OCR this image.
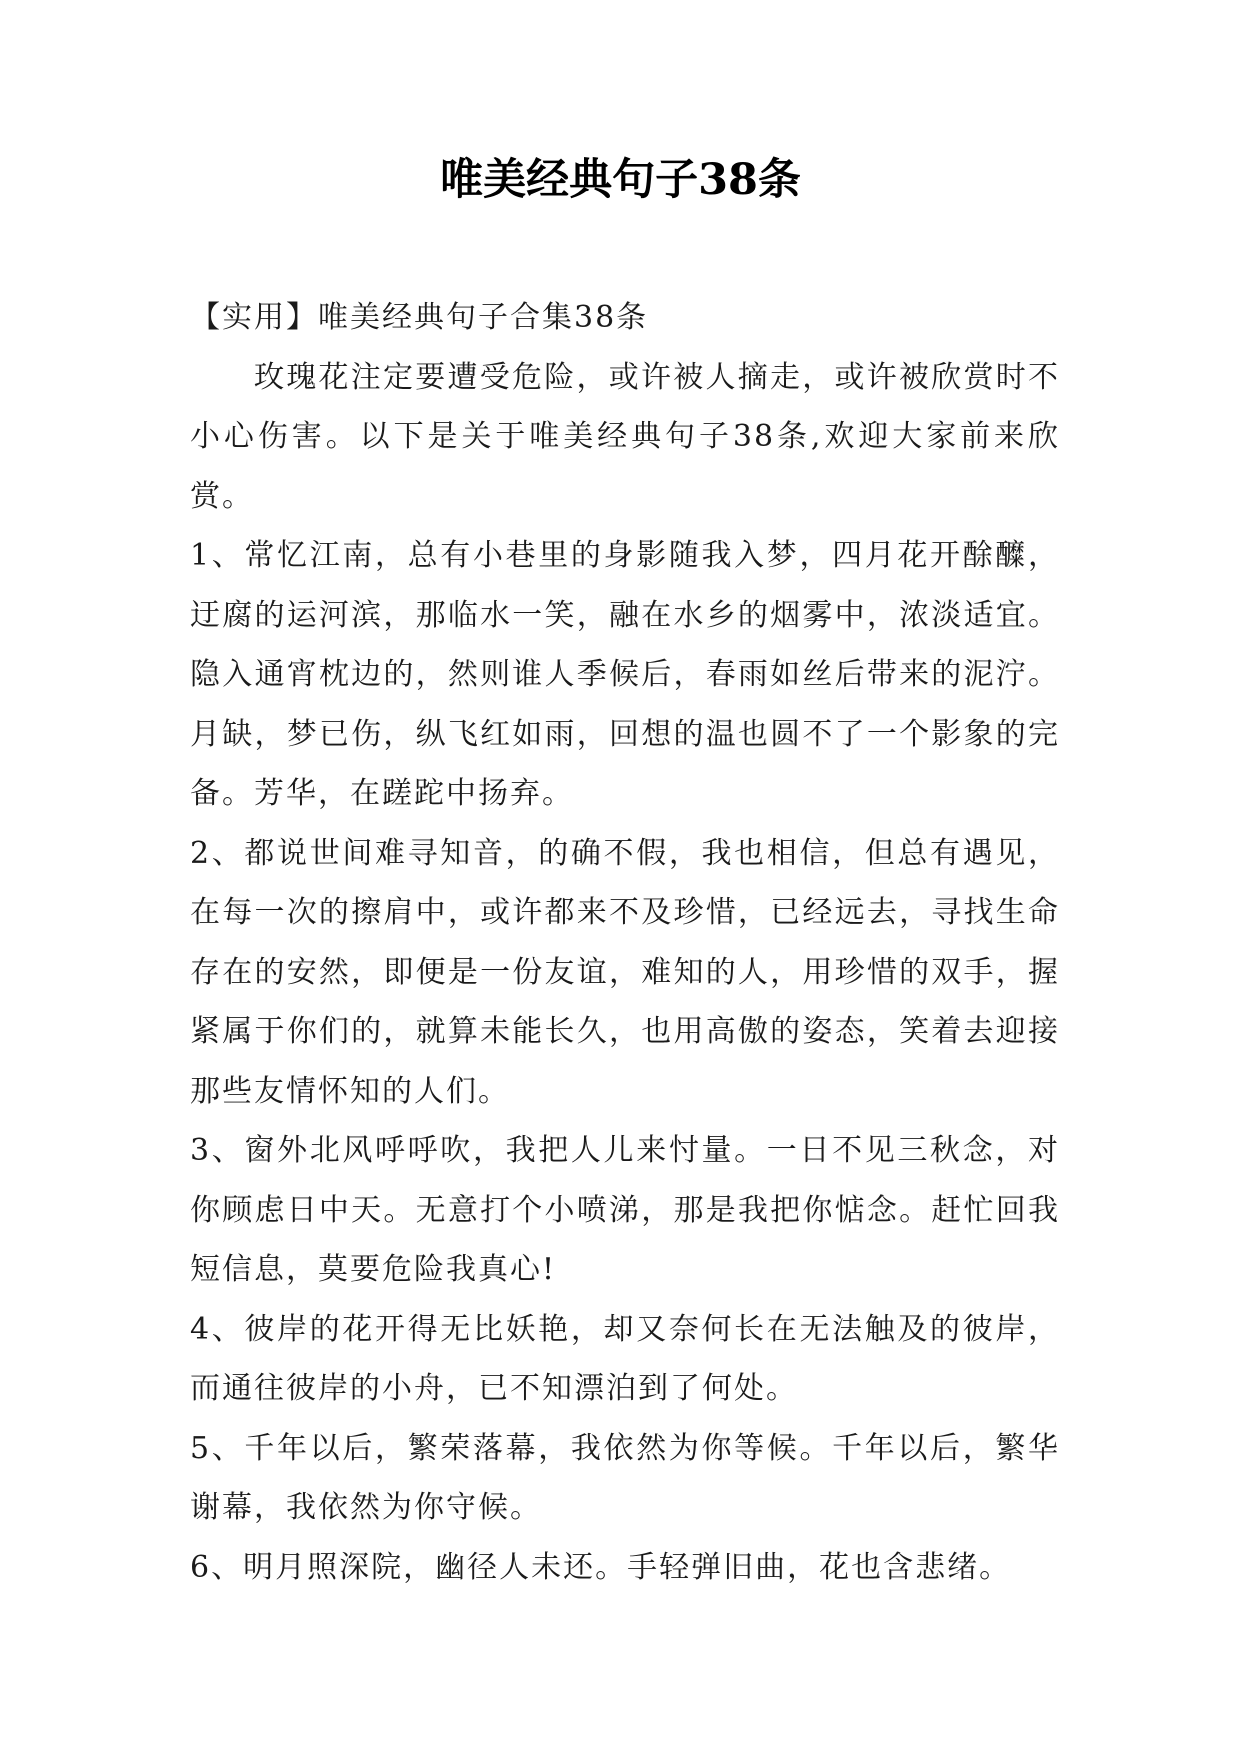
唯美经典句子38条

【实用】唯美经典句子合集38条

玫瑰花注定要遭受危险，或许被人摘走，或许被欣赏时不小心伤害。以下是关于唯美经典句子38条,欢迎大家前来欣赏。

1、常忆江南，总有小巷里的身影随我入梦，四月花开酴醾，迂腐的运河滨，那临水一笑，融在水乡的烟雾中，浓淡适宜。隐入通宵枕边的，然则谁人季候后，春雨如丝后带来的泥泞。月缺，梦已伤，纵飞红如雨，回想的温也圆不了一个影象的完备。芳华，在蹉跎中扬弃。

2、都说世间难寻知音，的确不假，我也相信，但总有遇见，在每一次的擦肩中，或许都来不及珍惜，已经远去，寻找生命存在的安然，即便是一份友谊，难知的人，用珍惜的双手，握紧属于你们的，就算未能长久，也用高傲的姿态，笑着去迎接那些友情怀知的人们。

3、窗外北风呼呼吹，我把人儿来忖量。一日不见三秋念，对你顾虑日中天。无意打个小喷涕，那是我把你惦念。赶忙回我短信息，莫要危险我真心!

4、彼岸的花开得无比妖艳，却又奈何长在无法触及的彼岸，而通往彼岸的小舟，已不知漂泊到了何处。

5、千年以后，繁荣落幕，我依然为你等候。千年以后，繁华谢幕，我依然为你守候。

6、明月照深院，幽径人未还。手轻弹旧曲，花也含悲绪。
